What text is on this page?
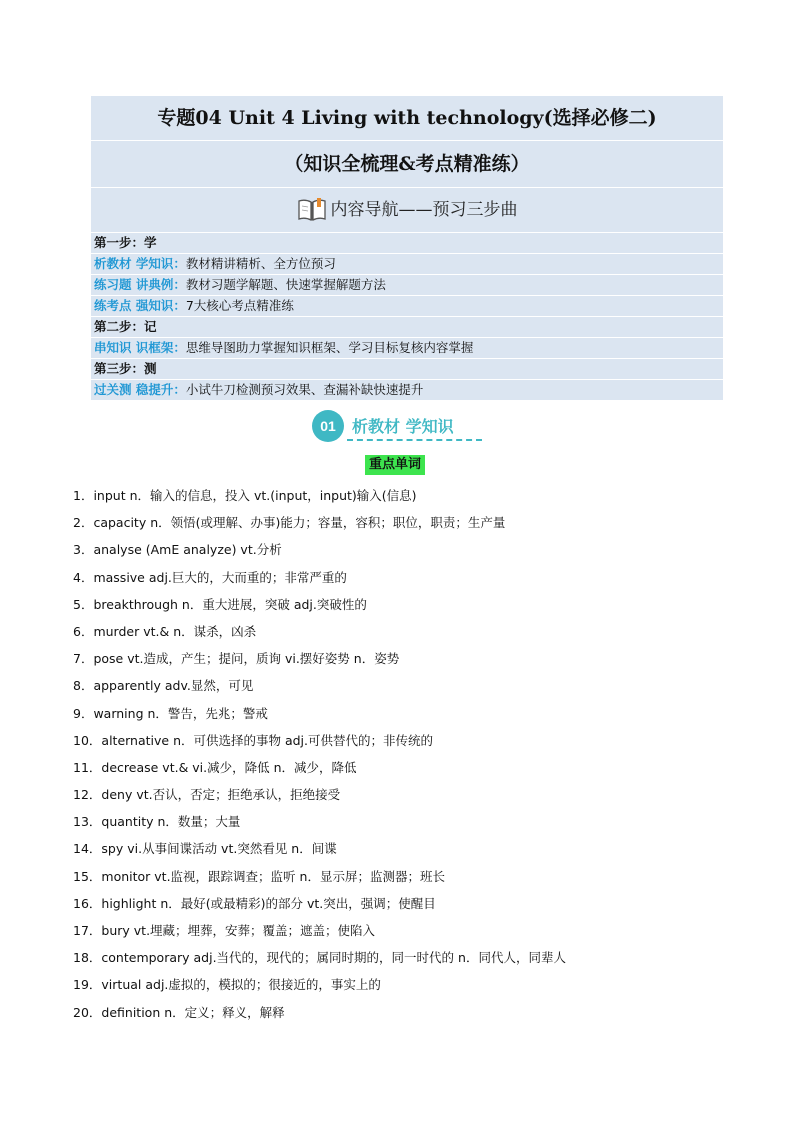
专题04 Unit 4 Living with technology(选择必修二)
（知识全梳理&考点精准练）
内容导航——预习三步曲
第一步：学
析教材 学知识：教材精讲精析、全方位预习
练习题 讲典例：教材习题学解题、快速掌握解题方法
练考点 强知识：7大核心考点精准练
第二步：记
串知识 识框架：思维导图助力掌握知识框架、学习目标复核内容掌握
第三步：测
过关测 稳提升：小试牛刀检测预习效果、查漏补缺快速提升
01	析教材 学知识
重点单词
1．input n．输入的信息，投入 vt.(input，input)输入(信息)
2．capacity n．领悟(或理解、办事)能力；容量，容积；职位，职责；生产量
3．analyse (AmE analyze) vt.分析
4．massive adj.巨大的，大而重的；非常严重的
5．breakthrough n．重大进展，突破 adj.突破性的
6．murder vt.& n．谋杀，凶杀
7．pose vt.造成，产生；提问，质询 vi.摆好姿势 n．姿势
8．apparently adv.显然，可见
9．warning n．警告，先兆；警戒
10．alternative n．可供选择的事物 adj.可供替代的；非传统的
11．decrease vt.& vi.减少，降低 n．减少，降低
12．deny vt.否认，否定；拒绝承认，拒绝接受
13．quantity n．数量；大量
14．spy vi.从事间谍活动 vt.突然看见 n．间谍
15．monitor vt.监视，跟踪调查；监听 n．显示屏；监测器；班长
16．highlight n．最好(或最精彩)的部分 vt.突出，强调；使醒目
17．bury vt.埋藏；埋葬，安葬；覆盖；遮盖；使陷入
18．contemporary adj.当代的，现代的；属同时期的，同一时代的 n．同代人，同辈人
19．virtual adj.虚拟的，模拟的；很接近的，事实上的
20．definition n．定义；释义，解释
